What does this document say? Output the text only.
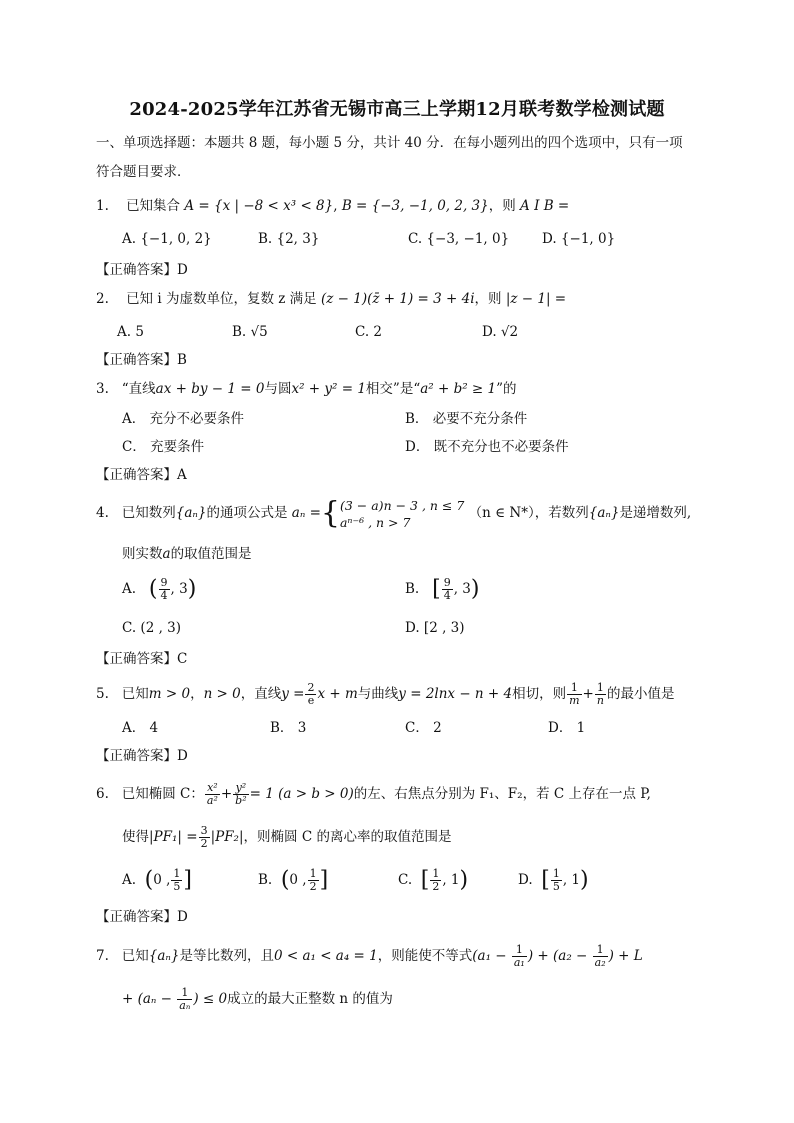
2024-2025学年江苏省无锡市高三上学期12月联考数学检测试题
一、单项选择题：本题共 8 题，每小题 5 分，共计 40 分．在每小题列出的四个选项中，只有一项
符合题目要求．
1. 已知集合 A = {x | −8 < x³ < 8}, B = {−3, −1, 0, 2, 3}，则 A I B =
A. {−1, 0, 2}	B. {2, 3}	C. {−3, −1, 0} D. {−1, 0}
【正确答案】D
2. 已知 i 为虚数单位，复数 z 满足 (z − 1)(z̄ + 1) = 3 + 4i，则 |z − 1| =
A. 5	B. √5	C. 2	D. √2
【正确答案】B
3. “直线ax + by − 1 = 0与圆x² + y² = 1相交”是“a² + b² ≥ 1”的
A． 充分不必要条件	B． 必要不充分条件
C． 充要条件	D． 既不充分也不必要条件
【正确答案】A
4. 已知数列{aₙ}的通项公式是 aₙ ={ (3 − a)n − 3 , n ≤ 7
aⁿ⁻⁶ , n > 7
（n ∈ N*），若数列{aₙ}是递增数列,
则实数a的取值范围是
A. ( $\frac{9}{4}$ , 3)	B. [ $\frac{9}{4}$ , 3)
C. (2 , 3)	D. [2 , 3)
【正确答案】C
5. 已知m > 0，n > 0，直线$y = \frac{2}{e}$ x + m与曲线y = 2lnx − n + 4相切，则 $\frac{1}{m} + \frac{1}{n}$ 的最小值是
A． 4	B． 3	C． 2	D． 1
【正确答案】D
6. 已知椭圆 C： $\frac{\text{x²}}{\text{a²}} + \frac{\text{y²}}{\text{b²}} = 1$ (a > b > 0)的左、右焦点分别为 F₁、F₂，若 C 上存在一点 P,
使得$|PF_1| = \frac{3}{2} |PF_2|$，则椭圆 C 的离心率的取值范围是
A. (0 , $\frac{1}{5}$ ]	B. (0 , $\frac{1}{2}$ ]	C. [ $\frac{1}{2}$ , 1)	D. [ $\frac{1}{5}$ , 1)
【正确答案】D
7. 已知{aₙ}是等比数列，且0 < a₁ < a₄ = 1，则能使不等式($a_1 - \frac{1}{\text{a₁}}$ ) + ($a_2 - \frac{1}{\text{a₂}}$ ) + L
+ ($a_n - \frac{1}{\text{aₙ}}$ ) ≤ 0成立的最大正整数 n 的值为
